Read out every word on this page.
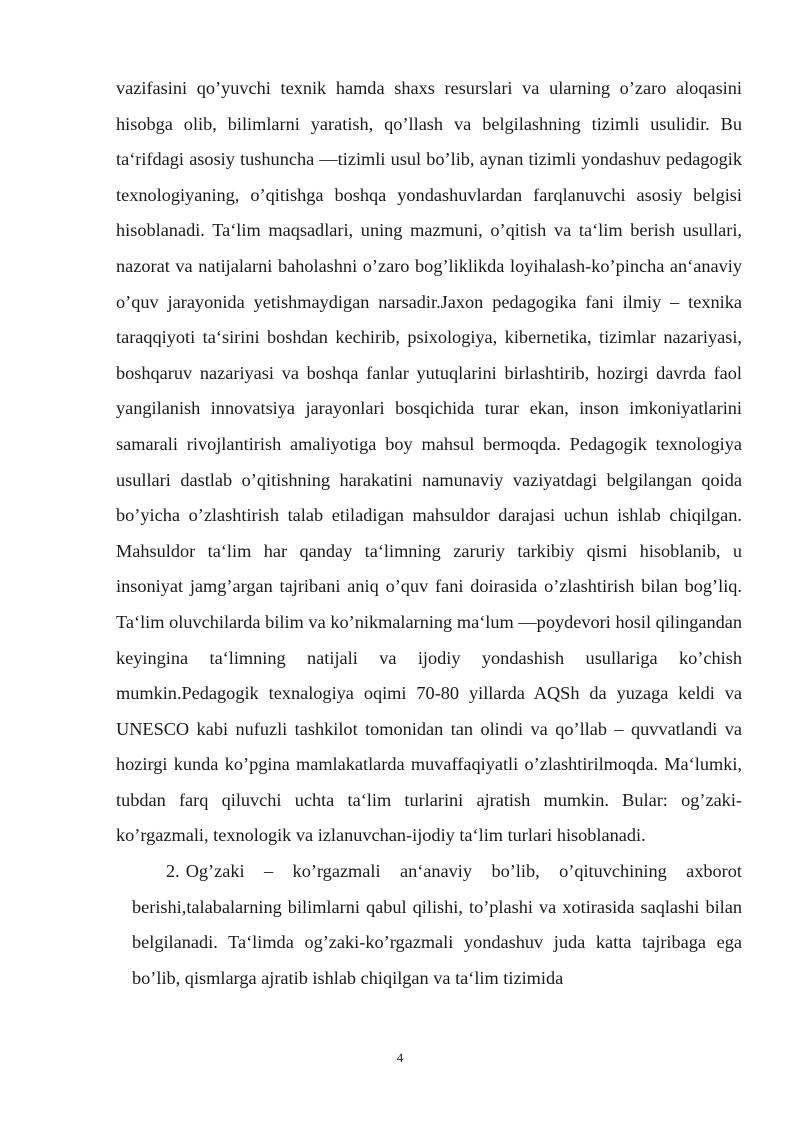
vazifasini qo’yuvchi texnik hamda shaxs resurslari va ularning o’zaro aloqasini hisobga olib, bilimlarni yaratish, qo’llash va belgilashning tizimli usulidir. Bu ta‘rifdagi asosiy tushuncha —tizimli usul bo’lib, aynan tizimli yondashuv pedagogik texnologiyaning, o’qitishga boshqa yondashuvlardan farqlanuvchi asosiy belgisi hisoblanadi. Ta‘lim maqsadlari, uning mazmuni, o’qitish va ta‘lim berish usullari, nazorat va natijalarni baholashni o’zaro bog’liklikda loyihalash-ko’pincha an‘anaviy o’quv jarayonida yetishmaydigan narsadir.Jaxon pedagogika fani ilmiy – texnika taraqqiyoti ta‘sirini boshdan kechirib, psixologiya, kibernetika, tizimlar nazariyasi, boshqaruv nazariyasi va boshqa fanlar yutuqlarini birlashtirib, hozirgi davrda faol yangilanish innovatsiya jarayonlari bosqichida turar ekan, inson imkoniyatlarini samarali rivojlantirish amaliyotiga boy mahsul bermoqda. Pedagogik texnologiya usullari dastlab o’qitishning harakatini namunaviy vaziyatdagi belgilangan qoida bo’yicha o’zlashtirish talab etiladigan mahsuldor darajasi uchun ishlab chiqilgan. Mahsuldor ta‘lim har qanday ta‘limning zaruriy tarkibiy qismi hisoblanib, u insoniyat jamg’argan tajribani aniq o’quv fani doirasida o’zlashtirish bilan bog’liq. Ta‘lim oluvchilarda bilim va ko’nikmalarning ma‘lum —poydevori hosil qilingandan keyingina ta‘limning natijali va ijodiy yondashish usullariga ko’chish mumkin.Pedagogik texnalogiya oqimi 70-80 yillarda AQSh da yuzaga keldi va UNESCO kabi nufuzli tashkilot tomonidan tan olindi va qo’llab – quvvatlandi va hozirgi kunda ko’pgina mamlakatlarda muvaffaqiyatli o’zlashtirilmoqda. Ma‘lumki, tubdan farq qiluvchi uchta ta‘lim turlarini ajratish mumkin. Bular: og’zaki- ko’rgazmali, texnologik va izlanuvchan-ijodiy ta‘lim turlari hisoblanadi.

2. Og’zaki – ko’rgazmali an‘anaviy bo’lib, o’qituvchining axborot berishi,talabalarning bilimlarni qabul qilishi, to’plashi va xotirasida saqlashi bilan belgilanadi. Ta‘limda og’zaki-ko’rgazmali yondashuv juda katta tajribaga ega bo’lib, qismlarga ajratib ishlab chiqilgan va ta‘lim tizimida

4
